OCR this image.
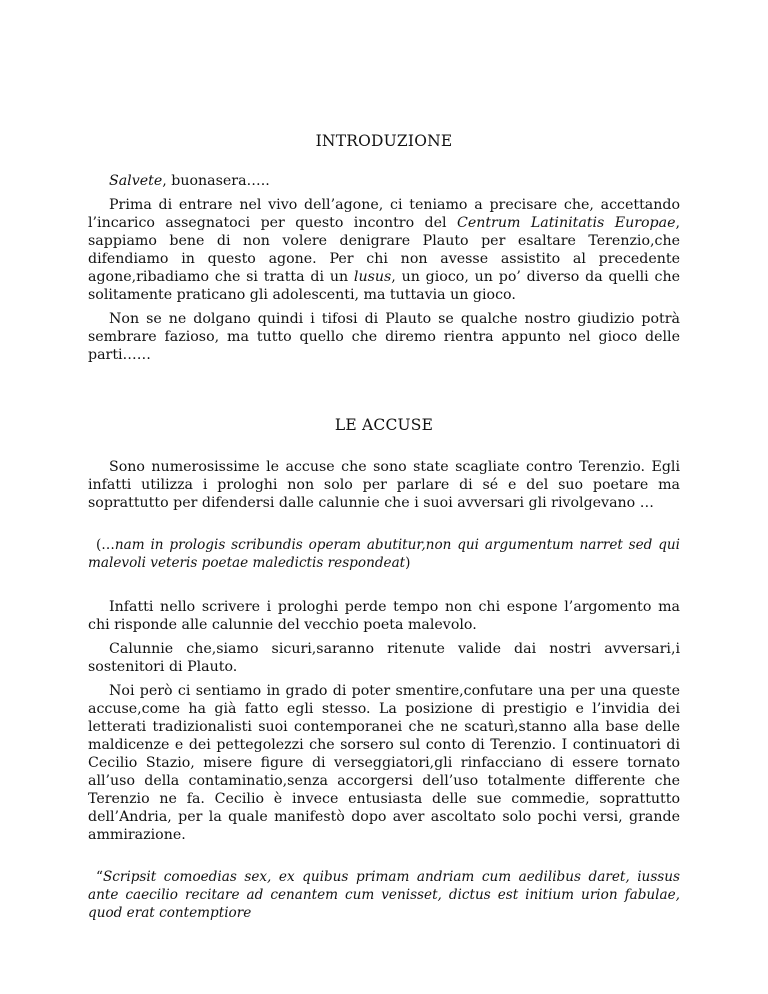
INTRODUZIONE

Salvete, buonasera…..

Prima di entrare nel vivo dell’agone, ci teniamo a precisare che, accettando l’incarico assegnatoci per questo incontro del Centrum Latinitatis Europae, sappiamo bene di non volere denigrare Plauto per esaltare Terenzio,che difendiamo in questo agone. Per chi non avesse assistito al precedente agone,ribadiamo che si tratta di un lusus, un gioco, un po’ diverso da quelli che solitamente praticano gli adolescenti, ma tuttavia un gioco.

Non se ne dolgano quindi i tifosi di Plauto se qualche nostro giudizio potrà sembrare fazioso, ma tutto quello che diremo rientra appunto nel gioco delle parti……

LE ACCUSE

Sono numerosissime le accuse che sono state scagliate contro Terenzio. Egli infatti utilizza i prologhi non solo per parlare di sé e del suo poetare ma soprattutto per difendersi dalle calunnie che i suoi avversari gli rivolgevano …

(…nam in prologis scribundis operam abutitur,non qui argumentum narret sed qui malevoli veteris poetae maledictis respondeat)

Infatti nello scrivere i prologhi perde tempo non chi espone l’argomento ma chi risponde alle calunnie del vecchio poeta malevolo.

Calunnie che,siamo sicuri,saranno ritenute valide dai nostri avversari,i sostenitori di Plauto.

Noi però ci sentiamo in grado di poter smentire,confutare una per una queste accuse,come ha già fatto egli stesso. La posizione di prestigio e l’invidia dei letterati tradizionalisti suoi contemporanei che ne scaturì,stanno alla base delle maldicenze e dei pettegolezzi che sorsero sul conto di Terenzio. I continuatori di Cecilio Stazio, misere figure di verseggiatori,gli rinfacciano di essere tornato all’uso della contaminatio,senza accorgersi dell’uso totalmente differente che Terenzio ne fa. Cecilio è invece entusiasta delle sue commedie, soprattutto dell’Andria, per la quale manifestò dopo aver ascoltato solo pochi versi, grande ammirazione.

“Scripsit comoedias sex, ex quibus primam andriam cum aedilibus daret, iussus ante caecilio recitare ad cenantem cum venisset, dictus est initium urion fabulae, quod erat contemptiore
